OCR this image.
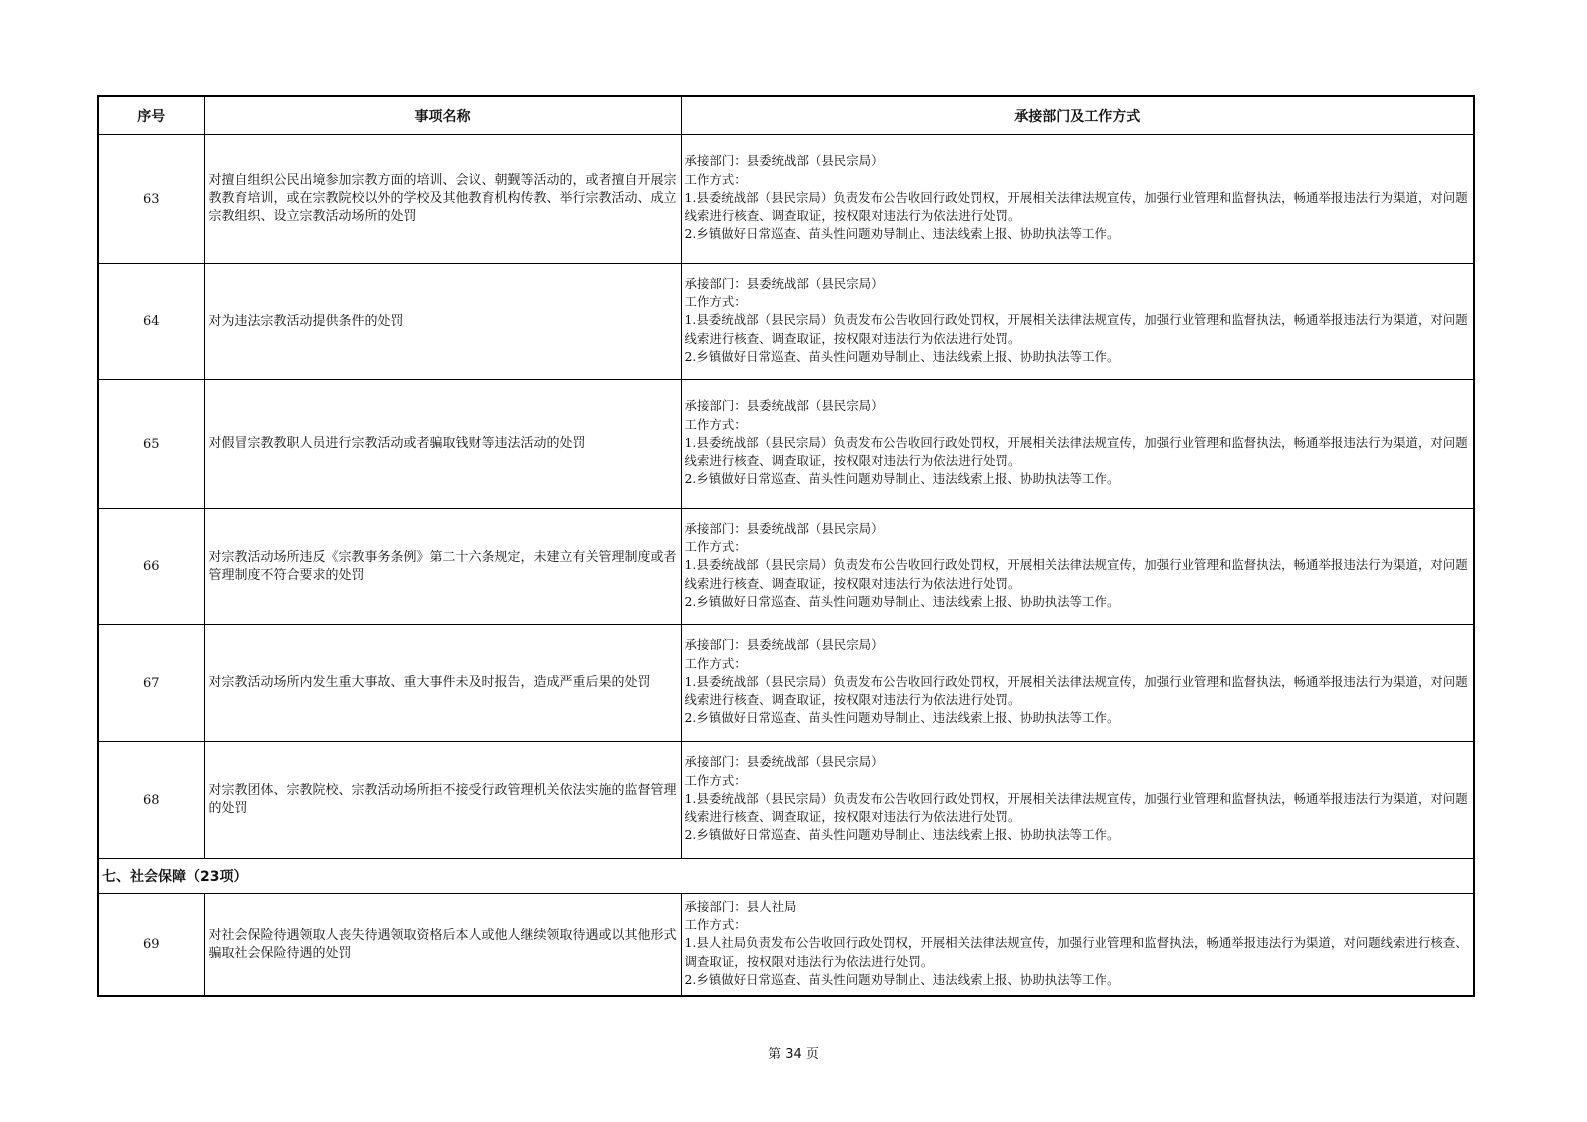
序号	事项名称	承接部门及工作方式
63	对擅自组织公民出境参加宗教方面的培训、会议、朝觐等活动的，或者擅自开展宗教教育培训，或在宗教院校以外的学校及其他教育机构传教、举行宗教活动、成立宗教组织、设立宗教活动场所的处罚	承接部门：县委统战部（县民宗局）
工作方式：
1.县委统战部（县民宗局）负责发布公告收回行政处罚权，开展相关法律法规宣传，加强行业管理和监督执法，畅通举报违法行为渠道，对问题线索进行核查、调查取证，按权限对违法行为依法进行处罚。
2.乡镇做好日常巡查、苗头性问题劝导制止、违法线索上报、协助执法等工作。
64	对为违法宗教活动提供条件的处罚	承接部门：县委统战部（县民宗局）
工作方式：
1.县委统战部（县民宗局）负责发布公告收回行政处罚权，开展相关法律法规宣传，加强行业管理和监督执法，畅通举报违法行为渠道，对问题线索进行核查、调查取证，按权限对违法行为依法进行处罚。
2.乡镇做好日常巡查、苗头性问题劝导制止、违法线索上报、协助执法等工作。
65	对假冒宗教教职人员进行宗教活动或者骗取钱财等违法活动的处罚	承接部门：县委统战部（县民宗局）
工作方式：
1.县委统战部（县民宗局）负责发布公告收回行政处罚权，开展相关法律法规宣传，加强行业管理和监督执法，畅通举报违法行为渠道，对问题线索进行核查、调查取证，按权限对违法行为依法进行处罚。
2.乡镇做好日常巡查、苗头性问题劝导制止、违法线索上报、协助执法等工作。
66	对宗教活动场所违反《宗教事务条例》第二十六条规定，未建立有关管理制度或者管理制度不符合要求的处罚	承接部门：县委统战部（县民宗局）
工作方式：
1.县委统战部（县民宗局）负责发布公告收回行政处罚权，开展相关法律法规宣传，加强行业管理和监督执法，畅通举报违法行为渠道，对问题线索进行核查、调查取证，按权限对违法行为依法进行处罚。
2.乡镇做好日常巡查、苗头性问题劝导制止、违法线索上报、协助执法等工作。
67	对宗教活动场所内发生重大事故、重大事件未及时报告，造成严重后果的处罚	承接部门：县委统战部（县民宗局）
工作方式：
1.县委统战部（县民宗局）负责发布公告收回行政处罚权，开展相关法律法规宣传，加强行业管理和监督执法，畅通举报违法行为渠道，对问题线索进行核查、调查取证，按权限对违法行为依法进行处罚。
2.乡镇做好日常巡查、苗头性问题劝导制止、违法线索上报、协助执法等工作。
68	对宗教团体、宗教院校、宗教活动场所拒不接受行政管理机关依法实施的监督管理的处罚	承接部门：县委统战部（县民宗局）
工作方式：
1.县委统战部（县民宗局）负责发布公告收回行政处罚权，开展相关法律法规宣传，加强行业管理和监督执法，畅通举报违法行为渠道，对问题线索进行核查、调查取证，按权限对违法行为依法进行处罚。
2.乡镇做好日常巡查、苗头性问题劝导制止、违法线索上报、协助执法等工作。
七、社会保障（23项）		
69	对社会保险待遇领取人丧失待遇领取资格后本人或他人继续领取待遇或以其他形式骗取社会保险待遇的处罚	承接部门：县人社局
工作方式：
1.县人社局负责发布公告收回行政处罚权，开展相关法律法规宣传，加强行业管理和监督执法，畅通举报违法行为渠道，对问题线索进行核查、调查取证，按权限对违法行为依法进行处罚。
2.乡镇做好日常巡查、苗头性问题劝导制止、违法线索上报、协助执法等工作。
第 34 页
